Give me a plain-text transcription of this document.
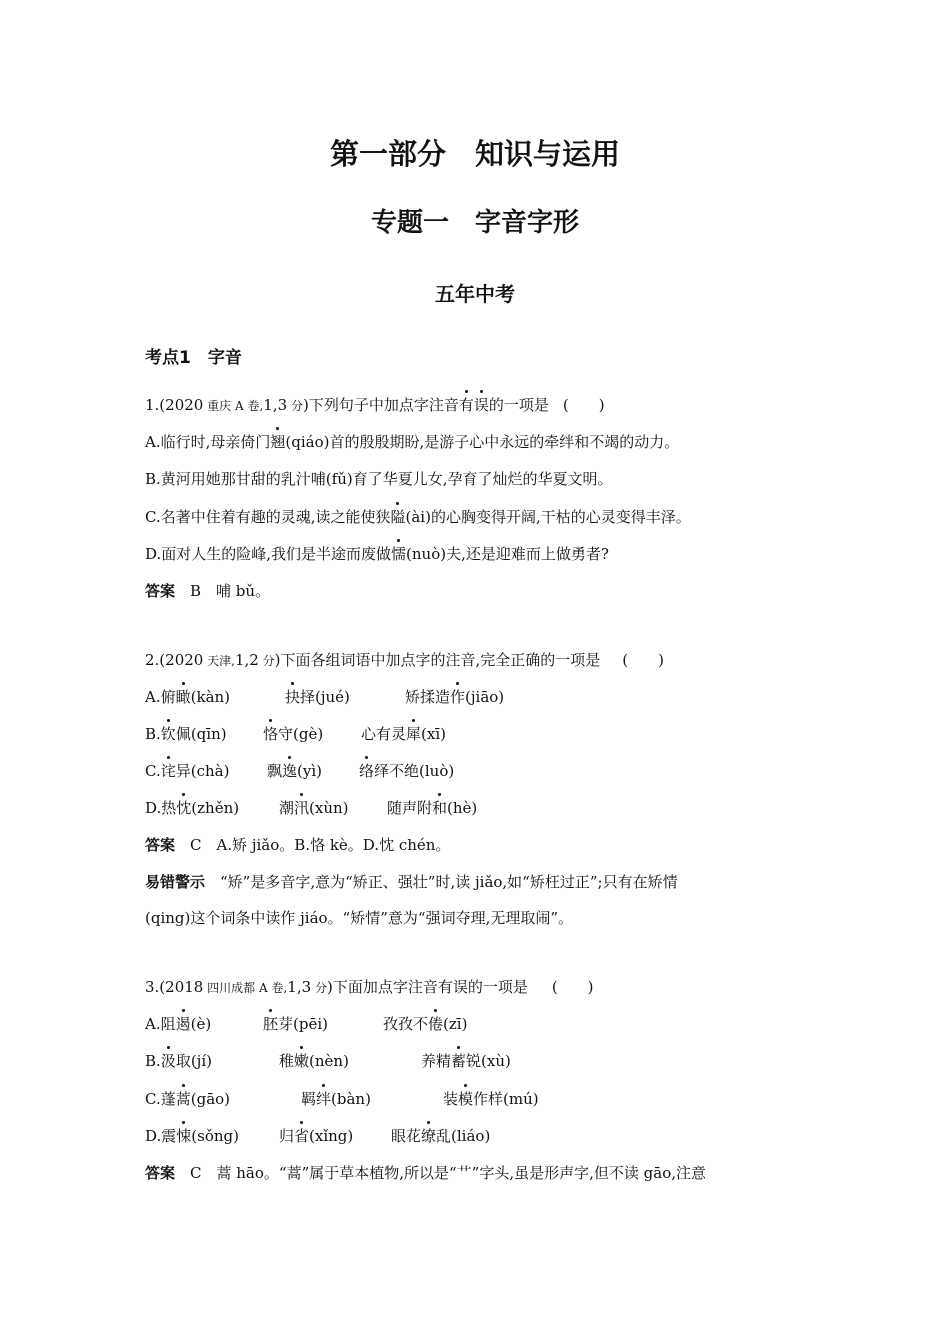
第一部分　知识与运用
专题一　字音字形
五年中考
考点1　字音
1.(2020 重庆 A 卷,1,3 分)下列句子中加点字注音有误的一项是 (　　)
A.临行时,母亲倚门翘(qiáo)首的殷殷期盼,是游子心中永远的牵绊和不竭的动力。
B.黄河用她那甘甜的乳汁哺(fǔ)育了华夏儿女,孕育了灿烂的华夏文明。
C.名著中住着有趣的灵魂,读之能使狭隘(ài)的心胸变得开阔,干枯的心灵变得丰泽。
D.面对人生的险峰,我们是半途而废做懦(nuò)夫,还是迎难而上做勇者?
答案　B　哺 bǔ。
2.(2020 天津,1,2 分)下面各组词语中加点字的注音,完全正确的一项是 (　　)
A.俯瞰(kàn)	抉择(jué)	矫揉造作(jiāo)
B.钦佩(qīn) 恪守(gè)	心有灵犀(xī)
C.诧异(chà)	飘逸(yì) 络绎不绝(luò)
D.热忱(zhěn)	潮汛(xùn)	随声附和(hè)
答案　C　A.矫 jiǎo。B.恪 kè。D.忱 chén。
易错警示　“矫”是多音字,意为“矫正、强壮”时,读 jiǎo,如“矫枉过正”;只有在矫情
(qing)这个词条中读作 jiáo。“矫情”意为“强词夺理,无理取闹”。
3.(2018 四川成都 A 卷,1,3 分)下面加点字注音有误的一项是 (　　)
A.阻遏(è)	胚芽(pēi)	孜孜不倦(zī)
B.汲取(jí)	稚嫩(nèn)	养精蓄锐(xù)
C.蓬蒿(gāo)	羁绊(bàn)	装模作样(mú)
D.震悚(sǒng)	归省(xǐng)	眼花缭乱(liáo)
答案　C　蒿 hāo。“蒿”属于草本植物,所以是“艹”字头,虽是形声字,但不读 gāo,注意
